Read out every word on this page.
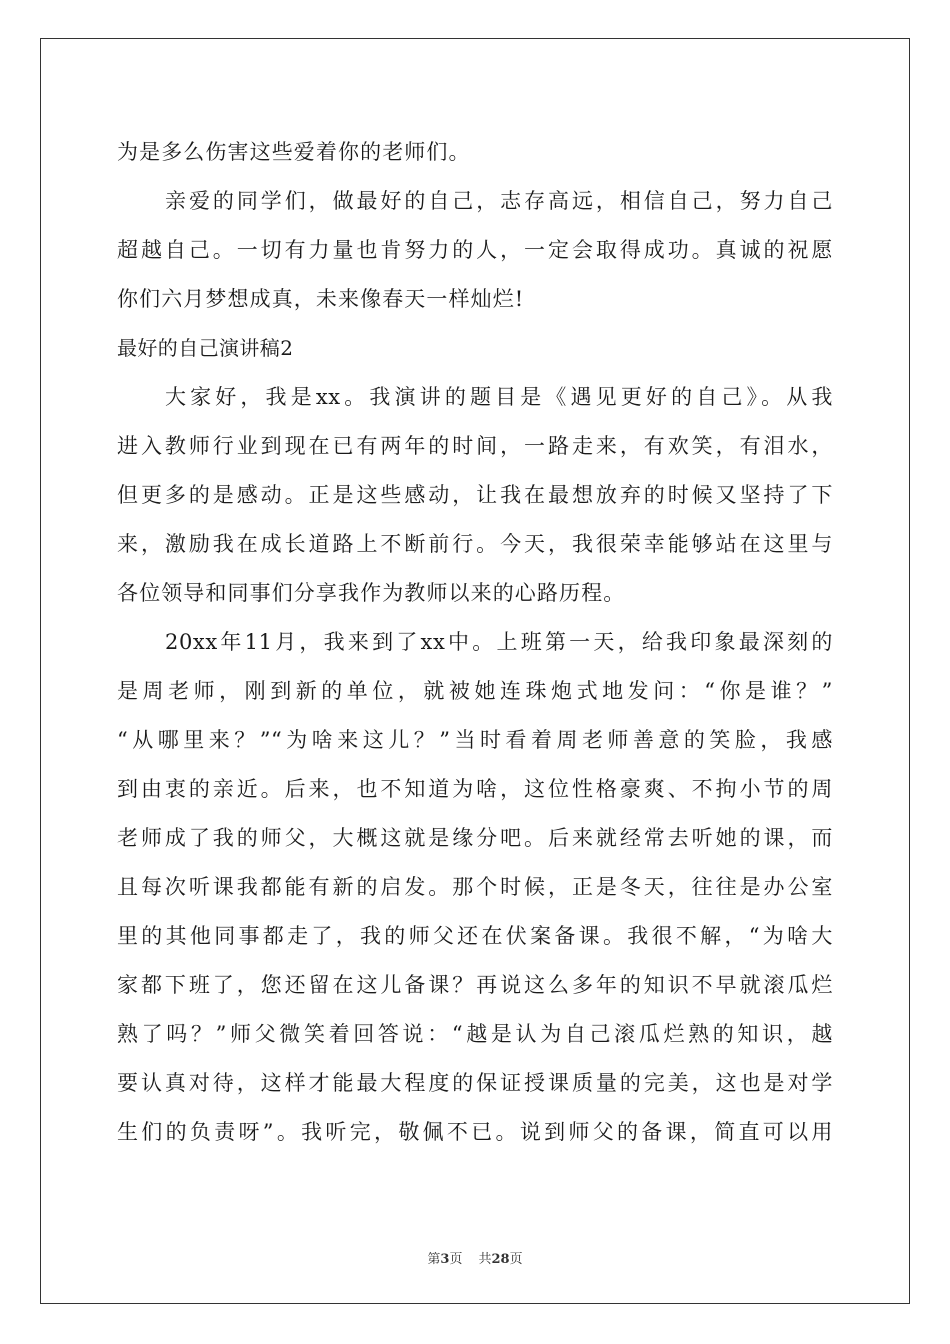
为是多么伤害这些爱着你的老师们。
亲爱的同学们，做最好的自己，志存高远，相信自己，努力自己
超越自己。一切有力量也肯努力的人，一定会取得成功。真诚的祝愿
你们六月梦想成真，未来像春天一样灿烂!
最好的自己演讲稿2
大家好，我是xx。我演讲的题目是《遇见更好的自己》。从我
进入教师行业到现在已有两年的时间，一路走来，有欢笑，有泪水，
但更多的是感动。正是这些感动，让我在最想放弃的时候又坚持了下
来，激励我在成长道路上不断前行。今天，我很荣幸能够站在这里与
各位领导和同事们分享我作为教师以来的心路历程。
20xx年11月，我来到了xx中。上班第一天，给我印象最深刻的
是周老师，刚到新的单位，就被她连珠炮式地发问：“你是谁？”
“从哪里来？”“为啥来这儿？”当时看着周老师善意的笑脸，我感
到由衷的亲近。后来，也不知道为啥，这位性格豪爽、不拘小节的周
老师成了我的师父，大概这就是缘分吧。后来就经常去听她的课，而
且每次听课我都能有新的启发。那个时候，正是冬天，往往是办公室
里的其他同事都走了，我的师父还在伏案备课。我很不解，“为啥大
家都下班了，您还留在这儿备课？再说这么多年的知识不早就滚瓜烂
熟了吗？”师父微笑着回答说：“越是认为自己滚瓜烂熟的知识，越
要认真对待，这样才能最大程度的保证授课质量的完美，这也是对学
生们的负责呀”。我听完，敬佩不已。说到师父的备课，简直可以用
第3页 共28页
